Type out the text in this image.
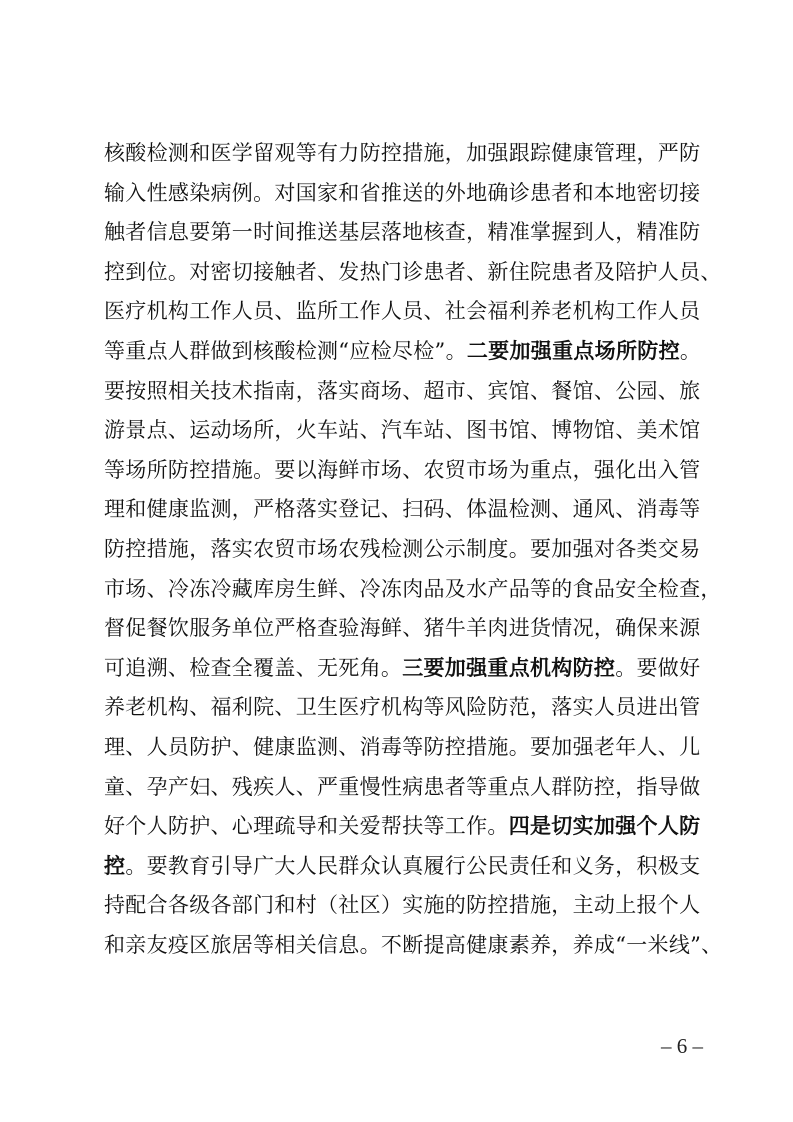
核酸检测和医学留观等有力防控措施，加强跟踪健康管理，严防
输入性感染病例。对国家和省推送的外地确诊患者和本地密切接
触者信息要第一时间推送基层落地核查，精准掌握到人，精准防
控到位。对密切接触者、发热门诊患者、新住院患者及陪护人员、
医疗机构工作人员、监所工作人员、社会福利养老机构工作人员
等重点人群做到核酸检测“应检尽检”。二要加强重点场所防控。
要按照相关技术指南，落实商场、超市、宾馆、餐馆、公园、旅
游景点、运动场所，火车站、汽车站、图书馆、博物馆、美术馆
等场所防控措施。要以海鲜市场、农贸市场为重点，强化出入管
理和健康监测，严格落实登记、扫码、体温检测、通风、消毒等
防控措施，落实农贸市场农残检测公示制度。要加强对各类交易
市场、冷冻冷藏库房生鲜、冷冻肉品及水产品等的食品安全检查，
督促餐饮服务单位严格查验海鲜、猪牛羊肉进货情况，确保来源
可追溯、检查全覆盖、无死角。三要加强重点机构防控。要做好
养老机构、福利院、卫生医疗机构等风险防范，落实人员进出管
理、人员防护、健康监测、消毒等防控措施。要加强老年人、儿
童、孕产妇、残疾人、严重慢性病患者等重点人群防控，指导做
好个人防护、心理疏导和关爱帮扶等工作。四是切实加强个人防
控。要教育引导广大人民群众认真履行公民责任和义务，积极支
持配合各级各部门和村（社区）实施的防控措施，主动上报个人
和亲友疫区旅居等相关信息。不断提高健康素养，养成“一米线”、
– 6 –
